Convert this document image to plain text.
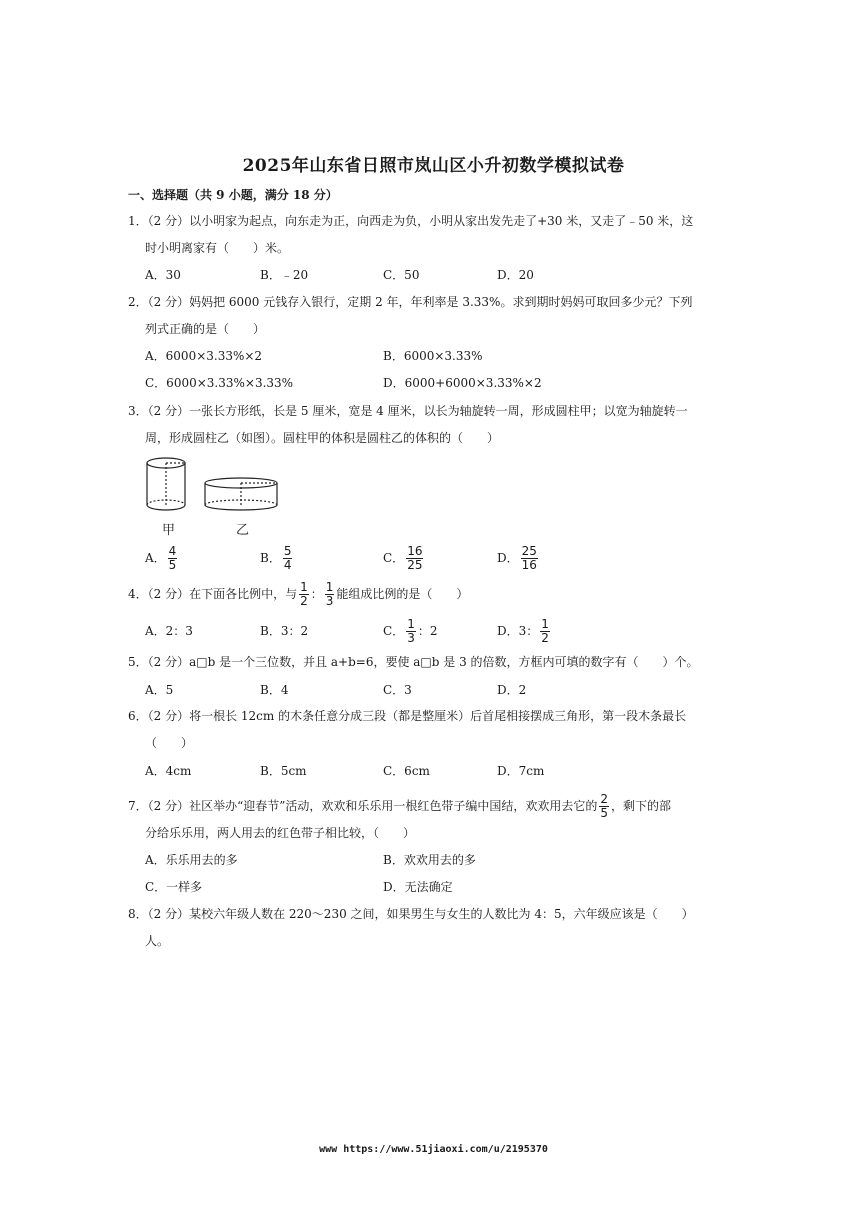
2025年山东省日照市岚山区小升初数学模拟试卷
一、选择题（共 9 小题，满分 18 分）
1．（2 分）以小明家为起点，向东走为正，向西走为负，小明从家出发先走了+30 米，又走了﹣50 米，这
时小明离家有（　　）米。
A．30	B．﹣20	C．50	D．20
2．（2 分）妈妈把 6000 元钱存入银行，定期 2 年，年利率是 3.33%。求到期时妈妈可取回多少元？下列
列式正确的是（　　）
A．6000×3.33%×2	B．6000×3.33%
C．6000×3.33%×3.33%	D．6000+6000×3.33%×2
3．（2 分）一张长方形纸，长是 5 厘米，宽是 4 厘米，以长为轴旋转一周，形成圆柱甲；以宽为轴旋转一
周，形成圆柱乙（如图）。圆柱甲的体积是圆柱乙的体积的（　　）
甲	乙
A． $\frac{4}{5}$	B． $\frac{5}{4}$	C． $\frac{16}{25}$	D． $\frac{25}{16}$
4．（2 分）在下面各比例中，与 $\frac{1}{2}$ ： $\frac{1}{3}$ 能组成比例的是（　　）
A．2：3	B．3：2	C． $\frac{1}{3}$ ：2	D．3： $\frac{1}{2}$
5．（2 分）a□b 是一个三位数，并且 a+b=6，要使 a□b 是 3 的倍数，方框内可填的数字有（　　）个。
A．5	B．4	C．3	D．2
6．（2 分）将一根长 12cm 的木条任意分成三段（都是整厘米）后首尾相接摆成三角形，第一段木条最长
（　　）
A．4cm	B．5cm	C．6cm	D．7cm
7．（2 分）社区举办“迎春节”活动，欢欢和乐乐用一根红色带子编中国结，欢欢用去它的 $\frac{2}{5}$ ，剩下的部
分给乐乐用，两人用去的红色带子相比较，（　　）
A．乐乐用去的多	B．欢欢用去的多
C．一样多	D．无法确定
8．（2 分）某校六年级人数在 220～230 之间，如果男生与女生的人数比为 4：5，六年级应该是（　　）
人。
www https://www.51jiaoxi.com/u/2195370
